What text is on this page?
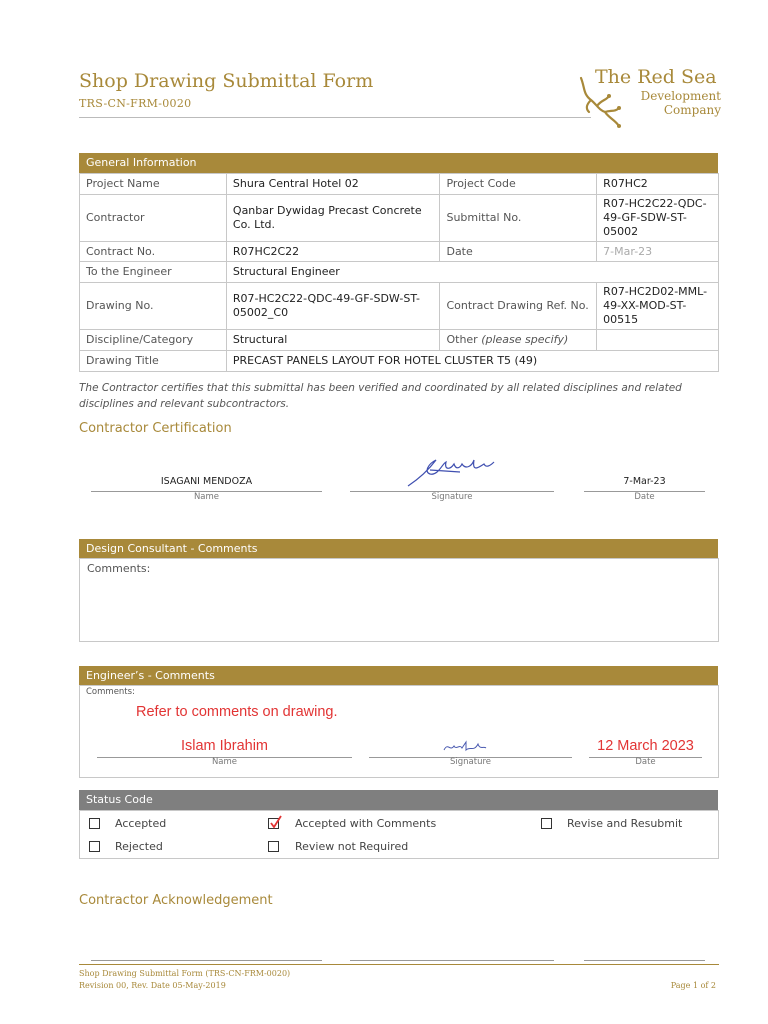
Shop Drawing Submittal Form
TRS-CN-FRM-0020
The Red Sea
Development
Company
General Information
Project Name	Shura Central Hotel 02	Project Code	R07HC2
Contractor	Qanbar Dywidag Precast Concrete Co. Ltd.	Submittal No.	R07-HC2C22-QDC-49-GF-SDW-ST-05002
Contract No.	R07HC2C22	Date	7-Mar-23
To the Engineer	Structural Engineer		
Drawing No.	R07-HC2C22-QDC-49-GF-SDW-ST-05002_C0	Contract Drawing Ref. No.	R07-HC2D02-MML-49-XX-MOD-ST-00515
Discipline/Category	Structural	Other (please specify)	
Drawing Title	PRECAST PANELS LAYOUT FOR HOTEL CLUSTER T5 (49)		
The Contractor certifies that this submittal has been verified and coordinated by all related disciplines and related disciplines and relevant subcontractors.
Contractor Certification
ISAGANI MENDOZA
Name	Signature
7-Mar-23
Date
Design Consultant - Comments
Comments:
Engineer’s - Comments
Comments:
Refer to comments on drawing.
Islam Ibrahim
Name	Signature
12 March 2023
Date
Status Code
Accepted	Accepted with Comments	Revise and Resubmit
Rejected	Review not Required
Contractor Acknowledgement
Shop Drawing Submittal Form (TRS-CN-FRM-0020)
Revision 00, Rev. Date 05-May-2019	Page 1 of 2
